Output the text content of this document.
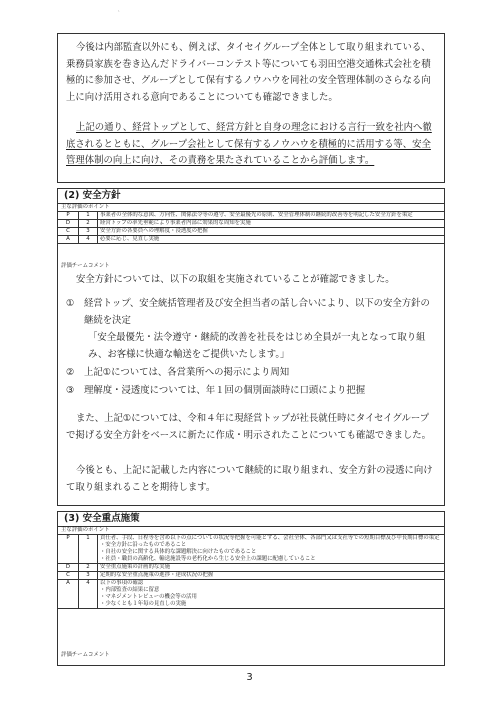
、

今後は内部監査以外にも、例えば、タイセイグループ全体として取り組まれている、乗務員家族を巻き込んだドライバーコンテスト等についても羽田空港交通株式会社を積極的に参加させ、グループとして保有するノウハウを同社の安全管理体制のさらなる向上に向け活用される意向であることについても確認できました。

上記の通り、経営トップとして、経営方針と自身の理念における言行一致を社内へ徹底されるとともに、グループ会社として保有するノウハウを積極的に活用する等、安全管理体制の向上に向け、その責務を果たされていることから評価します。

(2) 安全方針
主な評価のポイント
P	1	事業者の全体的な意図、方向性、関係法令等の遵守、安全最優先の原則、安全管理体制の継続的改善等を明記した安全方針を策定
D	2	経営トップの率先垂範により事業者内部に効果的な周知を実施
C	3	安全方針の各要員への理解度・浸透度の把握
A	4	必要に応じ、見直し実施
評価チームコメント

安全方針については、以下の取組を実施されていることが確認できました。

①	経営トップ、安全統括管理者及び安全担当者の話し合いにより、以下の安全方針の継続を決定

「安全最優先・法令遵守・継続的改善を社長をはじめ全員が一丸となって取り組み、お客様に快適な輸送をご提供いたします。」

②	上記①については、各営業所への掲示により周知
③	理解度・浸透度については、年１回の個別面談時に口頭により把握

また、上記①については、令和４年に現経営トップが社長就任時にタイセイグループで掲げる安全方針をベースに新たに作成・明示されたことについても確認できました。

今後とも、上記に記載した内容について継続的に取り組まれ、安全方針の浸透に向けて取り組まれることを期待します。

(3) 安全重点施策
主な評価のポイント
P	1	貢任者、手段、日程等を含め以下の点についての状況等把握を可能とする、会社全体、各部門又は支社等での短期目標及び中長期目標の策定
・安全方針に沿ったものであること
・自社の安全に関する具体的な課題解決に向けたものであること
・社員・職員の高齢化、輸送施設等の老朽化から生じる安全上の課題に配慮していること

D	2	安全重点施策の計画的な実施

C	3	定期的な安全重点施策の進捗・達成状況の把握

A	4	以下の事項の確認
・内部監査の結果に留意
・マネジメントレビューの機会等の活用
・少なくとも１年毎の見直しの実施
評価チームコメント
3
